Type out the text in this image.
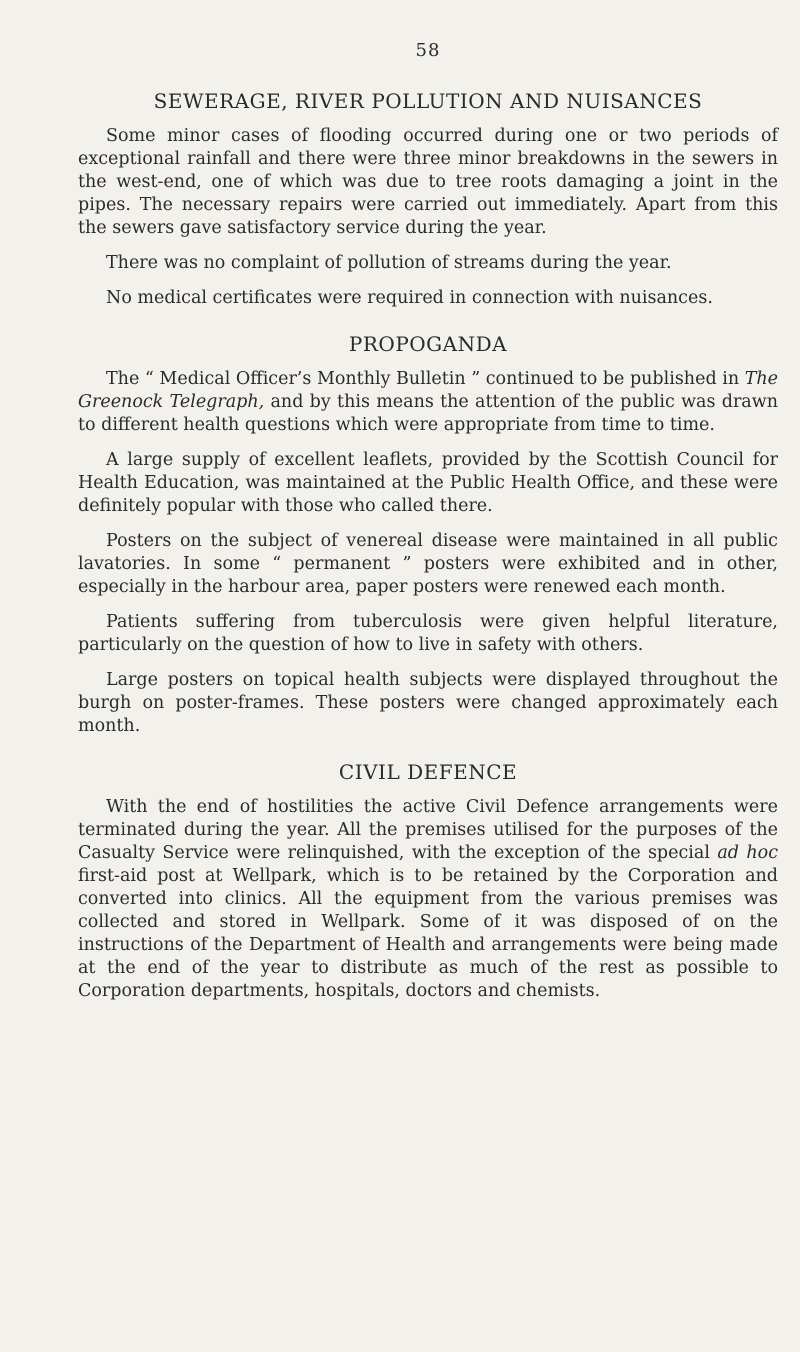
58
SEWERAGE, RIVER POLLUTION AND NUISANCES

Some minor cases of flooding occurred during one or two periods of exceptional rainfall and there were three minor breakdowns in the sewers in the west-end, one of which was due to tree roots damaging a joint in the pipes. The necessary repairs were carried out immediately. Apart from this the sewers gave satisfactory service during the year.

There was no complaint of pollution of streams during the year.

No medical certificates were required in connection with nuisances.

PROPOGANDA

The “ Medical Officer’s Monthly Bulletin ” continued to be published in The Greenock Telegraph, and by this means the attention of the public was drawn to different health questions which were appropriate from time to time.

A large supply of excellent leaflets, provided by the Scottish Council for Health Education, was maintained at the Public Health Office, and these were definitely popular with those who called there.

Posters on the subject of venereal disease were maintained in all public lavatories. In some “ permanent ” posters were exhibited and in other, especially in the harbour area, paper posters were renewed each month.

Patients suffering from tuberculosis were given helpful literature, particularly on the question of how to live in safety with others.

Large posters on topical health subjects were displayed throughout the burgh on poster-frames. These posters were changed approximately each month.

CIVIL DEFENCE

With the end of hostilities the active Civil Defence arrangements were terminated during the year. All the premises utilised for the purposes of the Casualty Service were relinquished, with the exception of the special ad hoc first-aid post at Wellpark, which is to be retained by the Corporation and converted into clinics. All the equipment from the various premises was collected and stored in Wellpark. Some of it was disposed of on the instructions of the Department of Health and arrangements were being made at the end of the year to distribute as much of the rest as possible to Corporation departments, hospitals, doctors and chemists.
